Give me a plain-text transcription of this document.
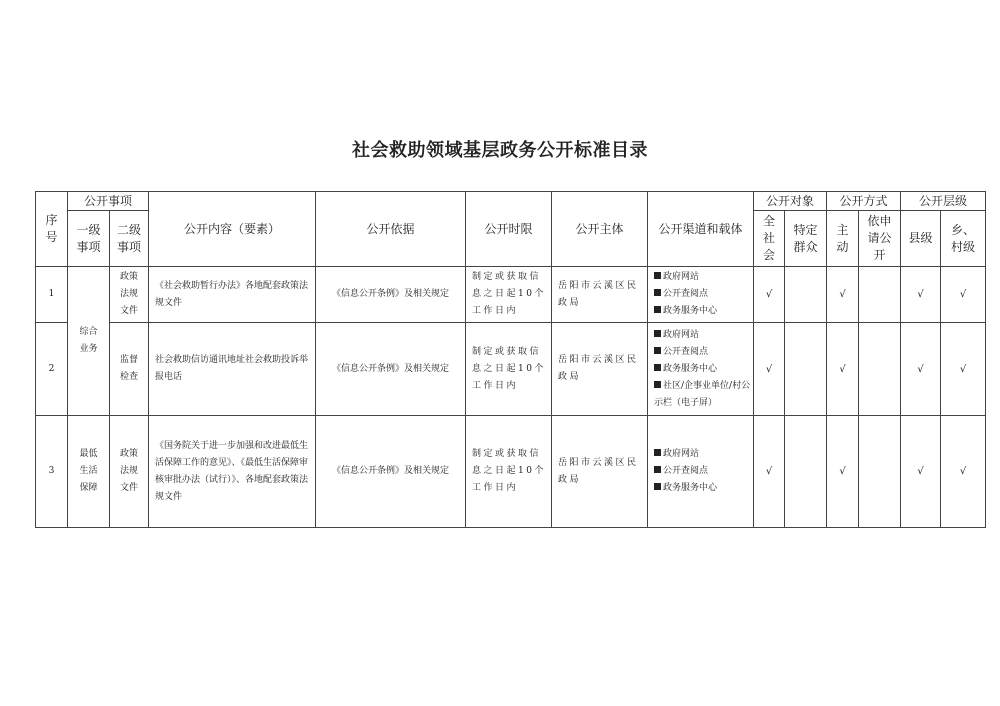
社会救助领域基层政务公开标准目录
序号	公开事项		公开内容（要素）	公开依据	公开时限	公开主体	公开渠道和载体	公开对象		公开方式		公开层级	
	一级事项	二级事项						全社会	特定群众	主动	依申请公开	县级	乡、村级
1	综合业务	政策法规文件	《社会救助暂行办法》各地配套政策法规文件	《信息公开条例》及相关规定	制定或获取信息之日起10个工作日内	岳阳市云溪区民政局	政府网站
公开查阅点
政务服务中心	√		√		√	√
2		监督检查	社会救助信访通讯地址社会救助投诉举报电话	《信息公开条例》及相关规定	制定或获取信息之日起10个工作日内	岳阳市云溪区民政局	政府网站
公开查阅点
政务服务中心
社区/企事业单位/村公示栏（电子屏）	√		√		√	√
3	最低生活保障	政策法规文件	《国务院关于进一步加强和改进最低生活保障工作的意见》、《最低生活保障审核审批办法（试行）》、各地配套政策法规文件	《信息公开条例》及相关规定	制定或获取信息之日起10个工作日内	岳阳市云溪区民政局	政府网站
公开查阅点
政务服务中心	√		√		√	√
